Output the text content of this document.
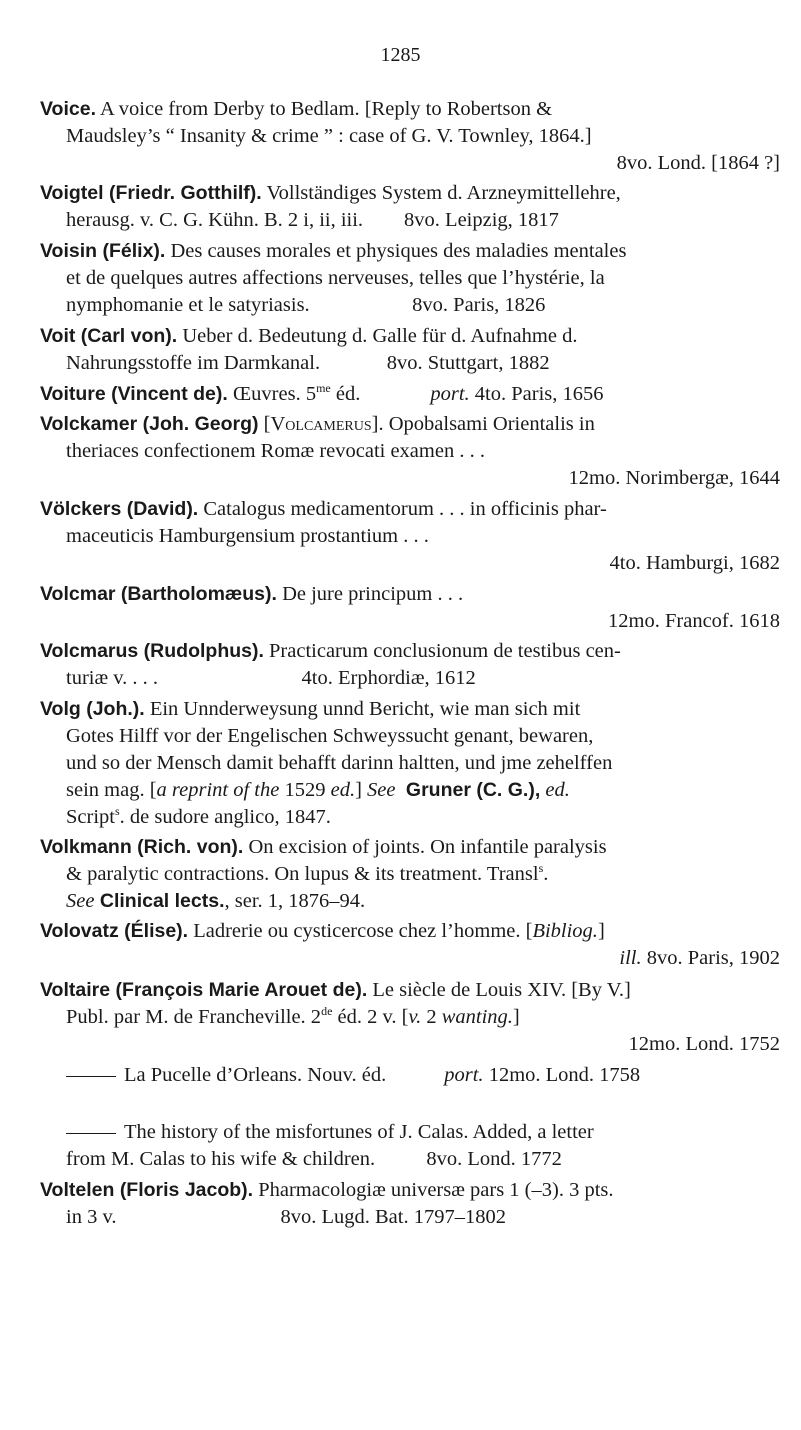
1285
Voice. A voice from Derby to Bedlam. [Reply to Robertson &
Maudsley’s “ Insanity & crime ” : case of G. V. Townley, 1864.]
8vo. Lond. [1864 ?]
Voigtel (Friedr. Gotthilf). Vollständiges System d. Arzneymittellehre,
herausg. v. C. G. Kühn. B. 2 i, ii, iii.        8vo. Leipzig, 1817
Voisin (Félix). Des causes morales et physiques des maladies mentales
et de quelques autres affections nerveuses, telles que l’hystérie, la
nymphomanie et le satyriasis.                    8vo. Paris, 1826
Voit (Carl von). Ueber d. Bedeutung d. Galle für d. Aufnahme d.
Nahrungsstoffe im Darmkanal.             8vo. Stuttgart, 1882
Voiture (Vincent de). Œuvres. $5^{me}$ éd.	port. 4to. Paris, 1656
Volckamer (Joh. Georg) [Volcamerus]. Opobalsami Orientalis in
theriaces confectionem Romæ revocati examen . . .
12mo. Norimbergæ, 1644
Völckers (David). Catalogus medicamentorum . . . in officinis phar-
maceuticis Hamburgensium prostantium . . .
4to. Hamburgi, 1682
Volcmar (Bartholomæus). De jure principum . . .
12mo. Francof. 1618
Volcmarus (Rudolphus). Practicarum conclusionum de testibus cen-
turiæ v. . . .                            4to. Erphordiæ, 1612
Volg (Joh.). Ein Unnderweysung unnd Bericht, wie man sich mit
Gotes Hilff vor der Engelischen Schweyssucht genant, bewaren,
und so der Mensch damit behafft darinn haltten, und jme zehelffen
sein mag. [a reprint of the 1529 ed.] See Gruner (C. G.), ed.
Script$^s$. de sudore anglico, 1847.
Volkmann (Rich. von). On excision of joints. On infantile paralysis
& paralytic contractions. On lupus & its treatment. Transl$^s$.
See Clinical lects., ser. 1, 1876–94.
Volovatz (Élise). Ladrerie ou cysticercose chez l’homme. [Bibliog.]
ill. 8vo. Paris, 1902
Voltaire (François Marie Arouet de). Le siècle de Louis XIV. [By V.]
Publ. par M. de Francheville. 2de éd. 2 v. [v. 2 wanting.]
12mo. Lond. 1752
La Pucelle d’Orleans. Nouv. éd.	port. 12mo. Lond. 1758
The history of the misfortunes of J. Calas. Added, a letter
from M. Calas to his wife & children.          8vo. Lond. 1772
Voltelen (Floris Jacob). Pharmacologiæ universæ pars 1 (–3). 3 pts.
in 3 v.                                8vo. Lugd. Bat. 1797–1802
